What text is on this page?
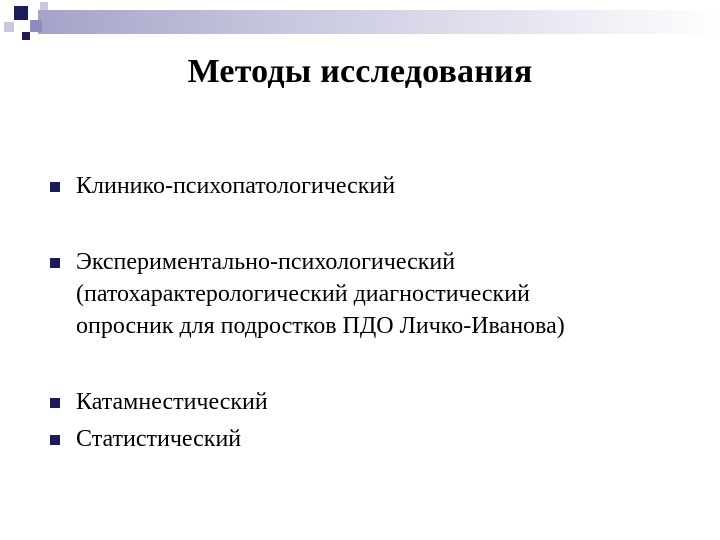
Методы исследования
Клинико-психопатологический
Экспериментально-психологический
(патохарактерологический диагностический
опросник для подростков ПДО Личко-Иванова)
Катамнестический
Статистический
